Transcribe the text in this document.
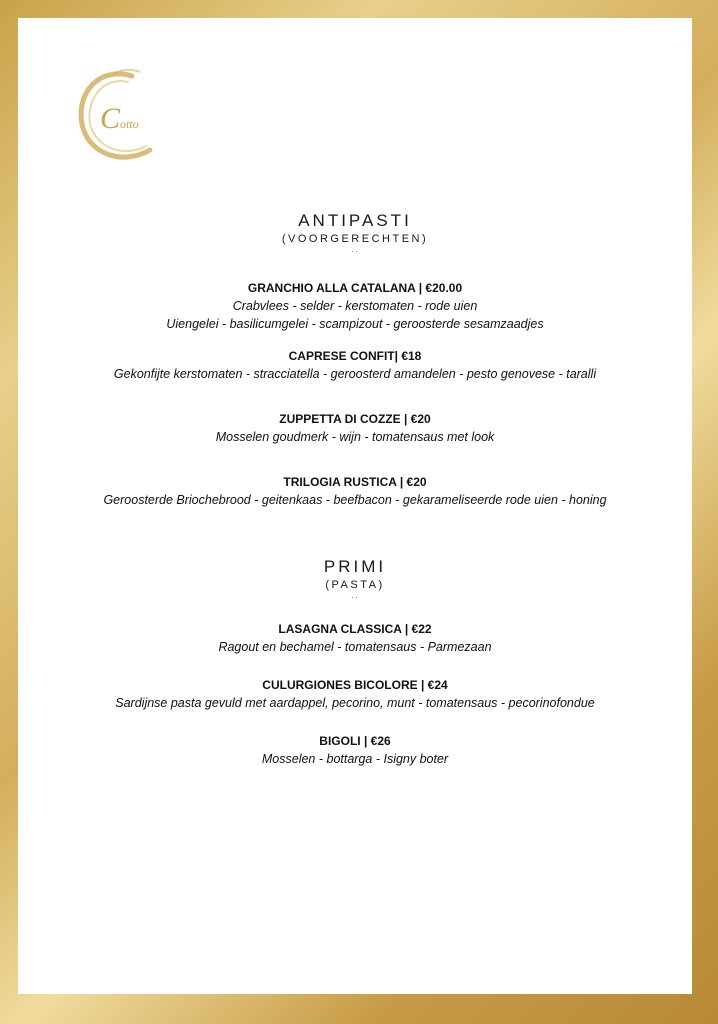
C otto

ANTIPASTI

(VOORGERECHTEN)

··

GRANCHIO ALLA CATALANA | €20.00

Crabvlees - selder - kerstomaten - rode uien

Uiengelei - basilicumgelei - scampizout - geroosterde sesamzaadjes

CAPRESE CONFIT| €18

Gekonfijte kerstomaten - stracciatella - geroosterd amandelen - pesto genovese - taralli

ZUPPETTA DI COZZE | €20

Mosselen goudmerk - wijn - tomatensaus met look

TRILOGIA RUSTICA | €20

Geroosterde Briochebrood - geitenkaas - beefbacon - gekarameliseerde rode uien - honing

PRIMI

(PASTA)

··

LASAGNA CLASSICA | €22

Ragout en bechamel - tomatensaus - Parmezaan

CULURGIONES BICOLORE | €24

Sardijnse pasta gevuld met aardappel, pecorino, munt - tomatensaus - pecorinofondue

BIGOLI | €26

Mosselen - bottarga - Isigny boter
